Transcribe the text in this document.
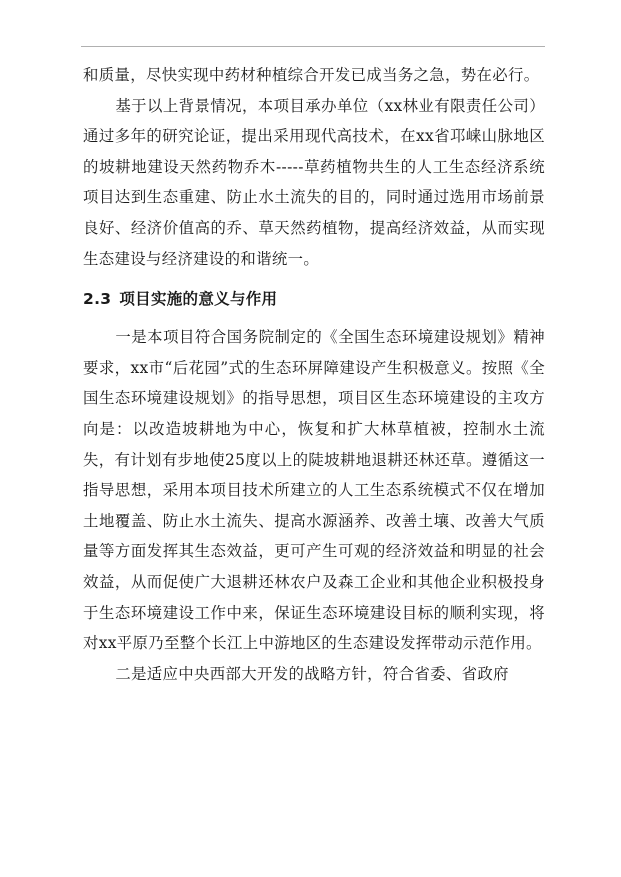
和质量，尽快实现中药材种植综合开发已成当务之急，势在必行。

基于以上背景情况，本项目承办单位（xx林业有限责任公司）通过多年的研究论证，提出采用现代高技术，在xx省邛崃山脉地区的坡耕地建设天然药物乔木-----草药植物共生的人工生态经济系统项目达到生态重建、防止水土流失的目的，同时通过选用市场前景良好、经济价值高的乔、草天然药植物，提高经济效益，从而实现生态建设与经济建设的和谐统一。

2.3 项目实施的意义与作用

一是本项目符合国务院制定的《全国生态环境建设规划》精神要求，xx市“后花园”式的生态环屏障建设产生积极意义。按照《全国生态环境建设规划》的指导思想，项目区生态环境建设的主攻方向是：以改造坡耕地为中心，恢复和扩大林草植被，控制水土流失，有计划有步地使25度以上的陡坡耕地退耕还林还草。遵循这一指导思想，采用本项目技术所建立的人工生态系统模式不仅在增加土地覆盖、防止水土流失、提高水源涵养、改善土壤、改善大气质量等方面发挥其生态效益，更可产生可观的经济效益和明显的社会效益，从而促使广大退耕还林农户及森工企业和其他企业积极投身于生态环境建设工作中来，保证生态环境建设目标的顺利实现，将对xx平原乃至整个长江上中游地区的生态建设发挥带动示范作用。

二是适应中央西部大开发的战略方针，符合省委、省政府
